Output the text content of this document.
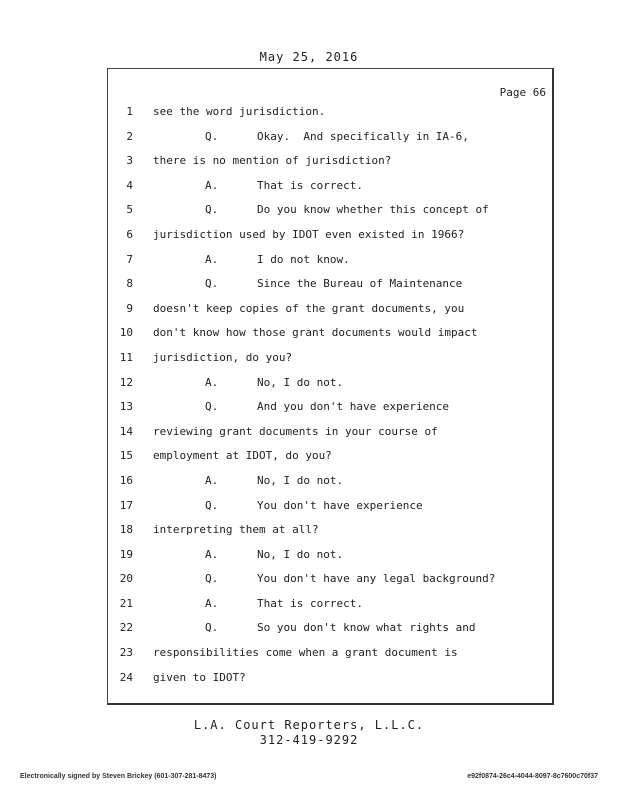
May 25, 2016
Page 66
1 see the word jurisdiction.
2	Q.	Okay.  And specifically in IA-6,
3 there is no mention of jurisdiction?
4	A.	That is correct.
5	Q.	Do you know whether this concept of
6 jurisdiction used by IDOT even existed in 1966?
7	A.	I do not know.
8	Q.	Since the Bureau of Maintenance
9 doesn't keep copies of the grant documents, you
10 don't know how those grant documents would impact
11 jurisdiction, do you?
12	A.	No, I do not.
13	Q.	And you don't have experience
14 reviewing grant documents in your course of
15 employment at IDOT, do you?
16	A.	No, I do not.
17	Q.	You don't have experience
18 interpreting them at all?
19	A.	No, I do not.
20	Q.	You don't have any legal background?
21	A.	That is correct.
22	Q.	So you don't know what rights and
23 responsibilities come when a grant document is
24 given to IDOT?
L.A. Court Reporters, L.L.C.
312-419-9292
Electronically signed by Steven Brickey (601-307-281-8473)	e92f0874-26c4-4044-8097-8c7600c70f37
